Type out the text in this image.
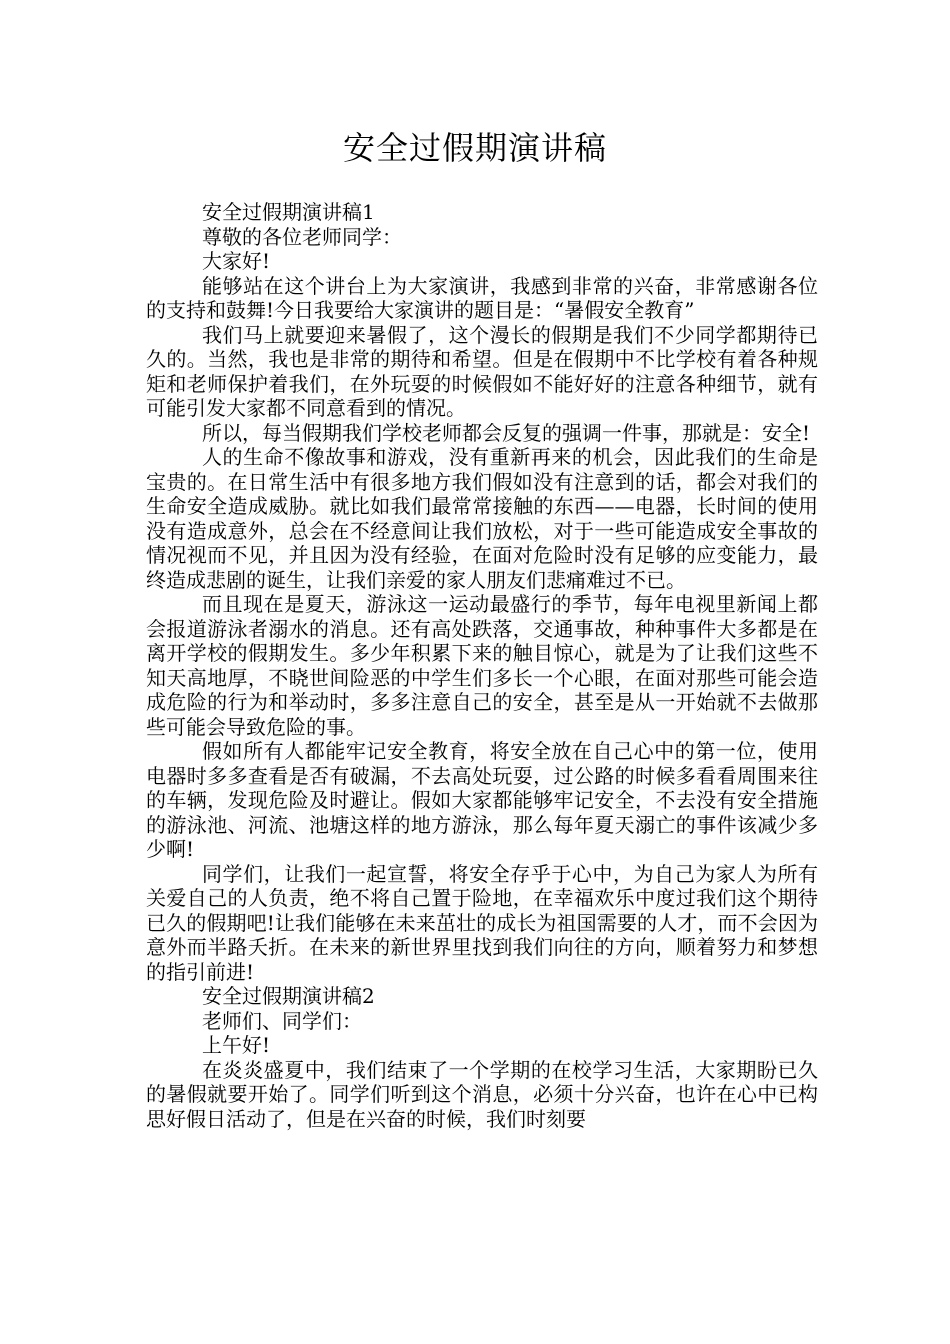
安全过假期演讲稿

安全过假期演讲稿1

尊敬的各位老师同学：

大家好!

能够站在这个讲台上为大家演讲，我感到非常的兴奋，非常感谢各位的支持和鼓舞!今日我要给大家演讲的题目是：“暑假安全教育”

我们马上就要迎来暑假了，这个漫长的假期是我们不少同学都期待已久的。当然，我也是非常的期待和希望。但是在假期中不比学校有着各种规矩和老师保护着我们，在外玩耍的时候假如不能好好的注意各种细节，就有可能引发大家都不同意看到的情况。

所以，每当假期我们学校老师都会反复的强调一件事，那就是：安全!

人的生命不像故事和游戏，没有重新再来的机会，因此我们的生命是宝贵的。在日常生活中有很多地方我们假如没有注意到的话，都会对我们的生命安全造成威胁。就比如我们最常常接触的东西——电器，长时间的使用没有造成意外，总会在不经意间让我们放松，对于一些可能造成安全事故的情况视而不见，并且因为没有经验，在面对危险时没有足够的应变能力，最终造成悲剧的诞生，让我们亲爱的家人朋友们悲痛难过不已。

而且现在是夏天，游泳这一运动最盛行的季节，每年电视里新闻上都会报道游泳者溺水的消息。还有高处跌落，交通事故，种种事件大多都是在离开学校的假期发生。多少年积累下来的触目惊心，就是为了让我们这些不知天高地厚，不晓世间险恶的中学生们多长一个心眼，在面对那些可能会造成危险的行为和举动时，多多注意自己的安全，甚至是从一开始就不去做那些可能会导致危险的事。

假如所有人都能牢记安全教育，将安全放在自己心中的第一位，使用电器时多多查看是否有破漏，不去高处玩耍，过公路的时候多看看周围来往的车辆，发现危险及时避让。假如大家都能够牢记安全，不去没有安全措施的游泳池、河流、池塘这样的地方游泳，那么每年夏天溺亡的事件该减少多少啊!

同学们，让我们一起宣誓，将安全存乎于心中，为自己为家人为所有关爱自己的人负责，绝不将自己置于险地，在幸福欢乐中度过我们这个期待已久的假期吧!让我们能够在未来茁壮的成长为祖国需要的人才，而不会因为意外而半路夭折。在未来的新世界里找到我们向往的方向，顺着努力和梦想的指引前进!

安全过假期演讲稿2

老师们、同学们：

上午好!

在炎炎盛夏中，我们结束了一个学期的在校学习生活，大家期盼已久的暑假就要开始了。同学们听到这个消息，必须十分兴奋，也许在心中已构思好假日活动了，但是在兴奋的时候，我们时刻要
